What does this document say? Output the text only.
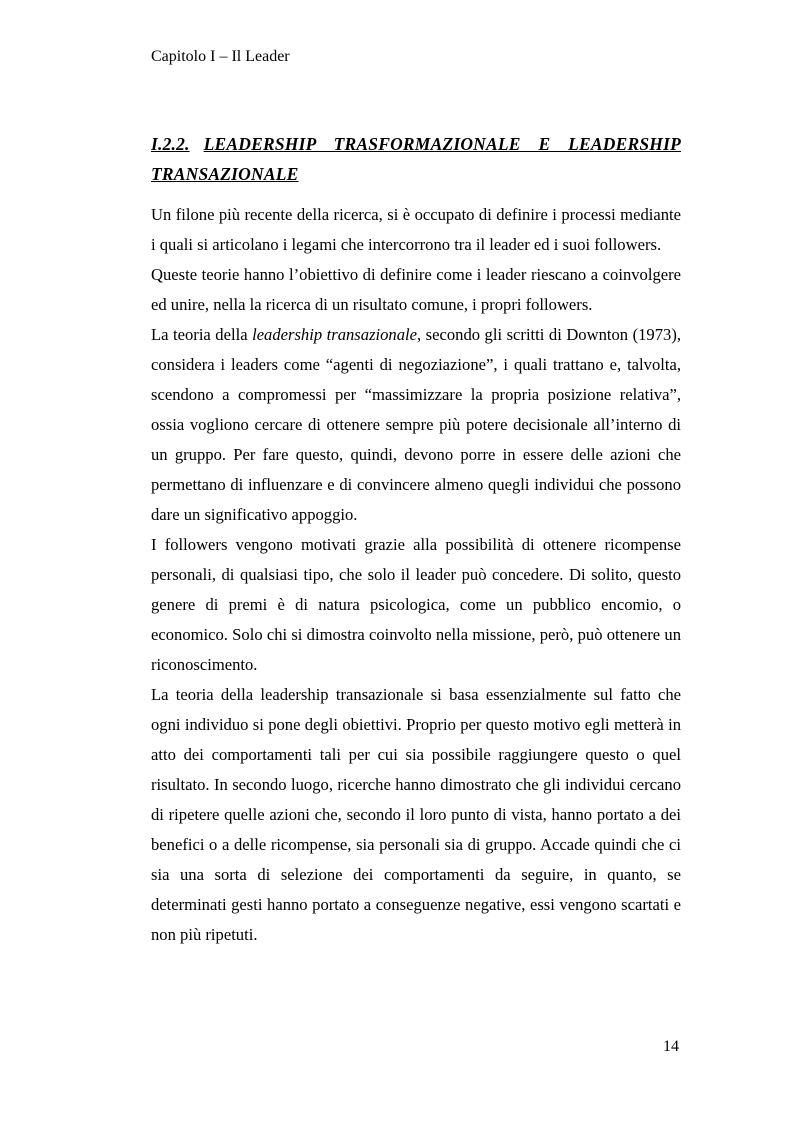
Capitolo I – Il Leader
I.2.2. LEADERSHIP TRASFORMAZIONALE E LEADERSHIP TRANSAZIONALE

Un filone più recente della ricerca, si è occupato di definire i processi mediante i quali si articolano i legami che intercorrono tra il leader ed i suoi followers.

Queste teorie hanno l’obiettivo di definire come i leader riescano a coinvolgere ed unire, nella la ricerca di un risultato comune, i propri followers.

La teoria della leadership transazionale, secondo gli scritti di Downton (1973), considera i leaders come “agenti di negoziazione”, i quali trattano e, talvolta, scendono a compromessi per “massimizzare la propria posizione relativa”, ossia vogliono cercare di ottenere sempre più potere decisionale all’interno di un gruppo. Per fare questo, quindi, devono porre in essere delle azioni che permettano di influenzare e di convincere almeno quegli individui che possono dare un significativo appoggio.

I followers vengono motivati grazie alla possibilità di ottenere ricompense personali, di qualsiasi tipo, che solo il leader può concedere. Di solito, questo genere di premi è di natura psicologica, come un pubblico encomio, o economico. Solo chi si dimostra coinvolto nella missione, però, può ottenere un riconoscimento.

La teoria della leadership transazionale si basa essenzialmente sul fatto che ogni individuo si pone degli obiettivi. Proprio per questo motivo egli metterà in atto dei comportamenti tali per cui sia possibile raggiungere questo o quel risultato. In secondo luogo, ricerche hanno dimostrato che gli individui cercano di ripetere quelle azioni che, secondo il loro punto di vista, hanno portato a dei benefici o a delle ricompense, sia personali sia di gruppo. Accade quindi che ci sia una sorta di selezione dei comportamenti da seguire, in quanto, se determinati gesti hanno portato a conseguenze negative, essi vengono scartati e non più ripetuti.

14
